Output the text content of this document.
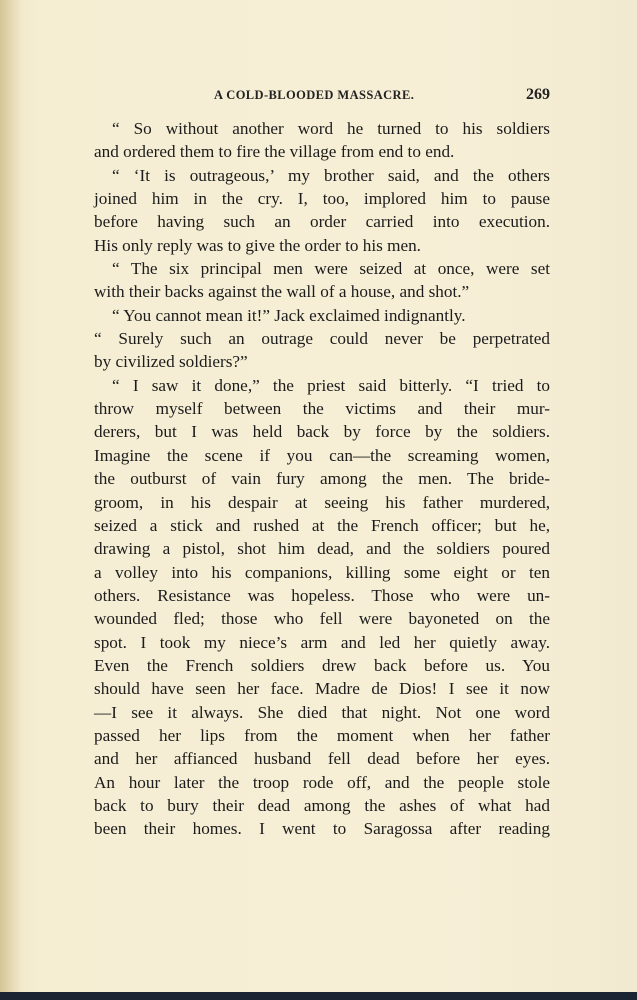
A COLD-BLOODED MASSACRE.	269
“ So without another word he turned to his soldiers
and ordered them to fire the village from end to end.
“ ‘It is outrageous,’ my brother said, and the others
joined him in the cry. I, too, implored him to pause
before having such an order carried into execution.
His only reply was to give the order to his men.
“ The six principal men were seized at once, were set
with their backs against the wall of a house, and shot.”
“ You cannot mean it!” Jack exclaimed indignantly.
“ Surely such an outrage could never be perpetrated
by civilized soldiers?”
“ I saw it done,” the priest said bitterly. “I tried to
throw myself between the victims and their mur-
derers, but I was held back by force by the soldiers.
Imagine the scene if you can—the screaming women,
the outburst of vain fury among the men. The bride-
groom, in his despair at seeing his father murdered,
seized a stick and rushed at the French officer; but he,
drawing a pistol, shot him dead, and the soldiers poured
a volley into his companions, killing some eight or ten
others. Resistance was hopeless. Those who were un-
wounded fled; those who fell were bayoneted on the
spot. I took my niece’s arm and led her quietly away.
Even the French soldiers drew back before us. You
should have seen her face. Madre de Dios! I see it now
—I see it always. She died that night. Not one word
passed her lips from the moment when her father
and her affianced husband fell dead before her eyes.
An hour later the troop rode off, and the people stole
back to bury their dead among the ashes of what had
been their homes. I went to Saragossa after reading
